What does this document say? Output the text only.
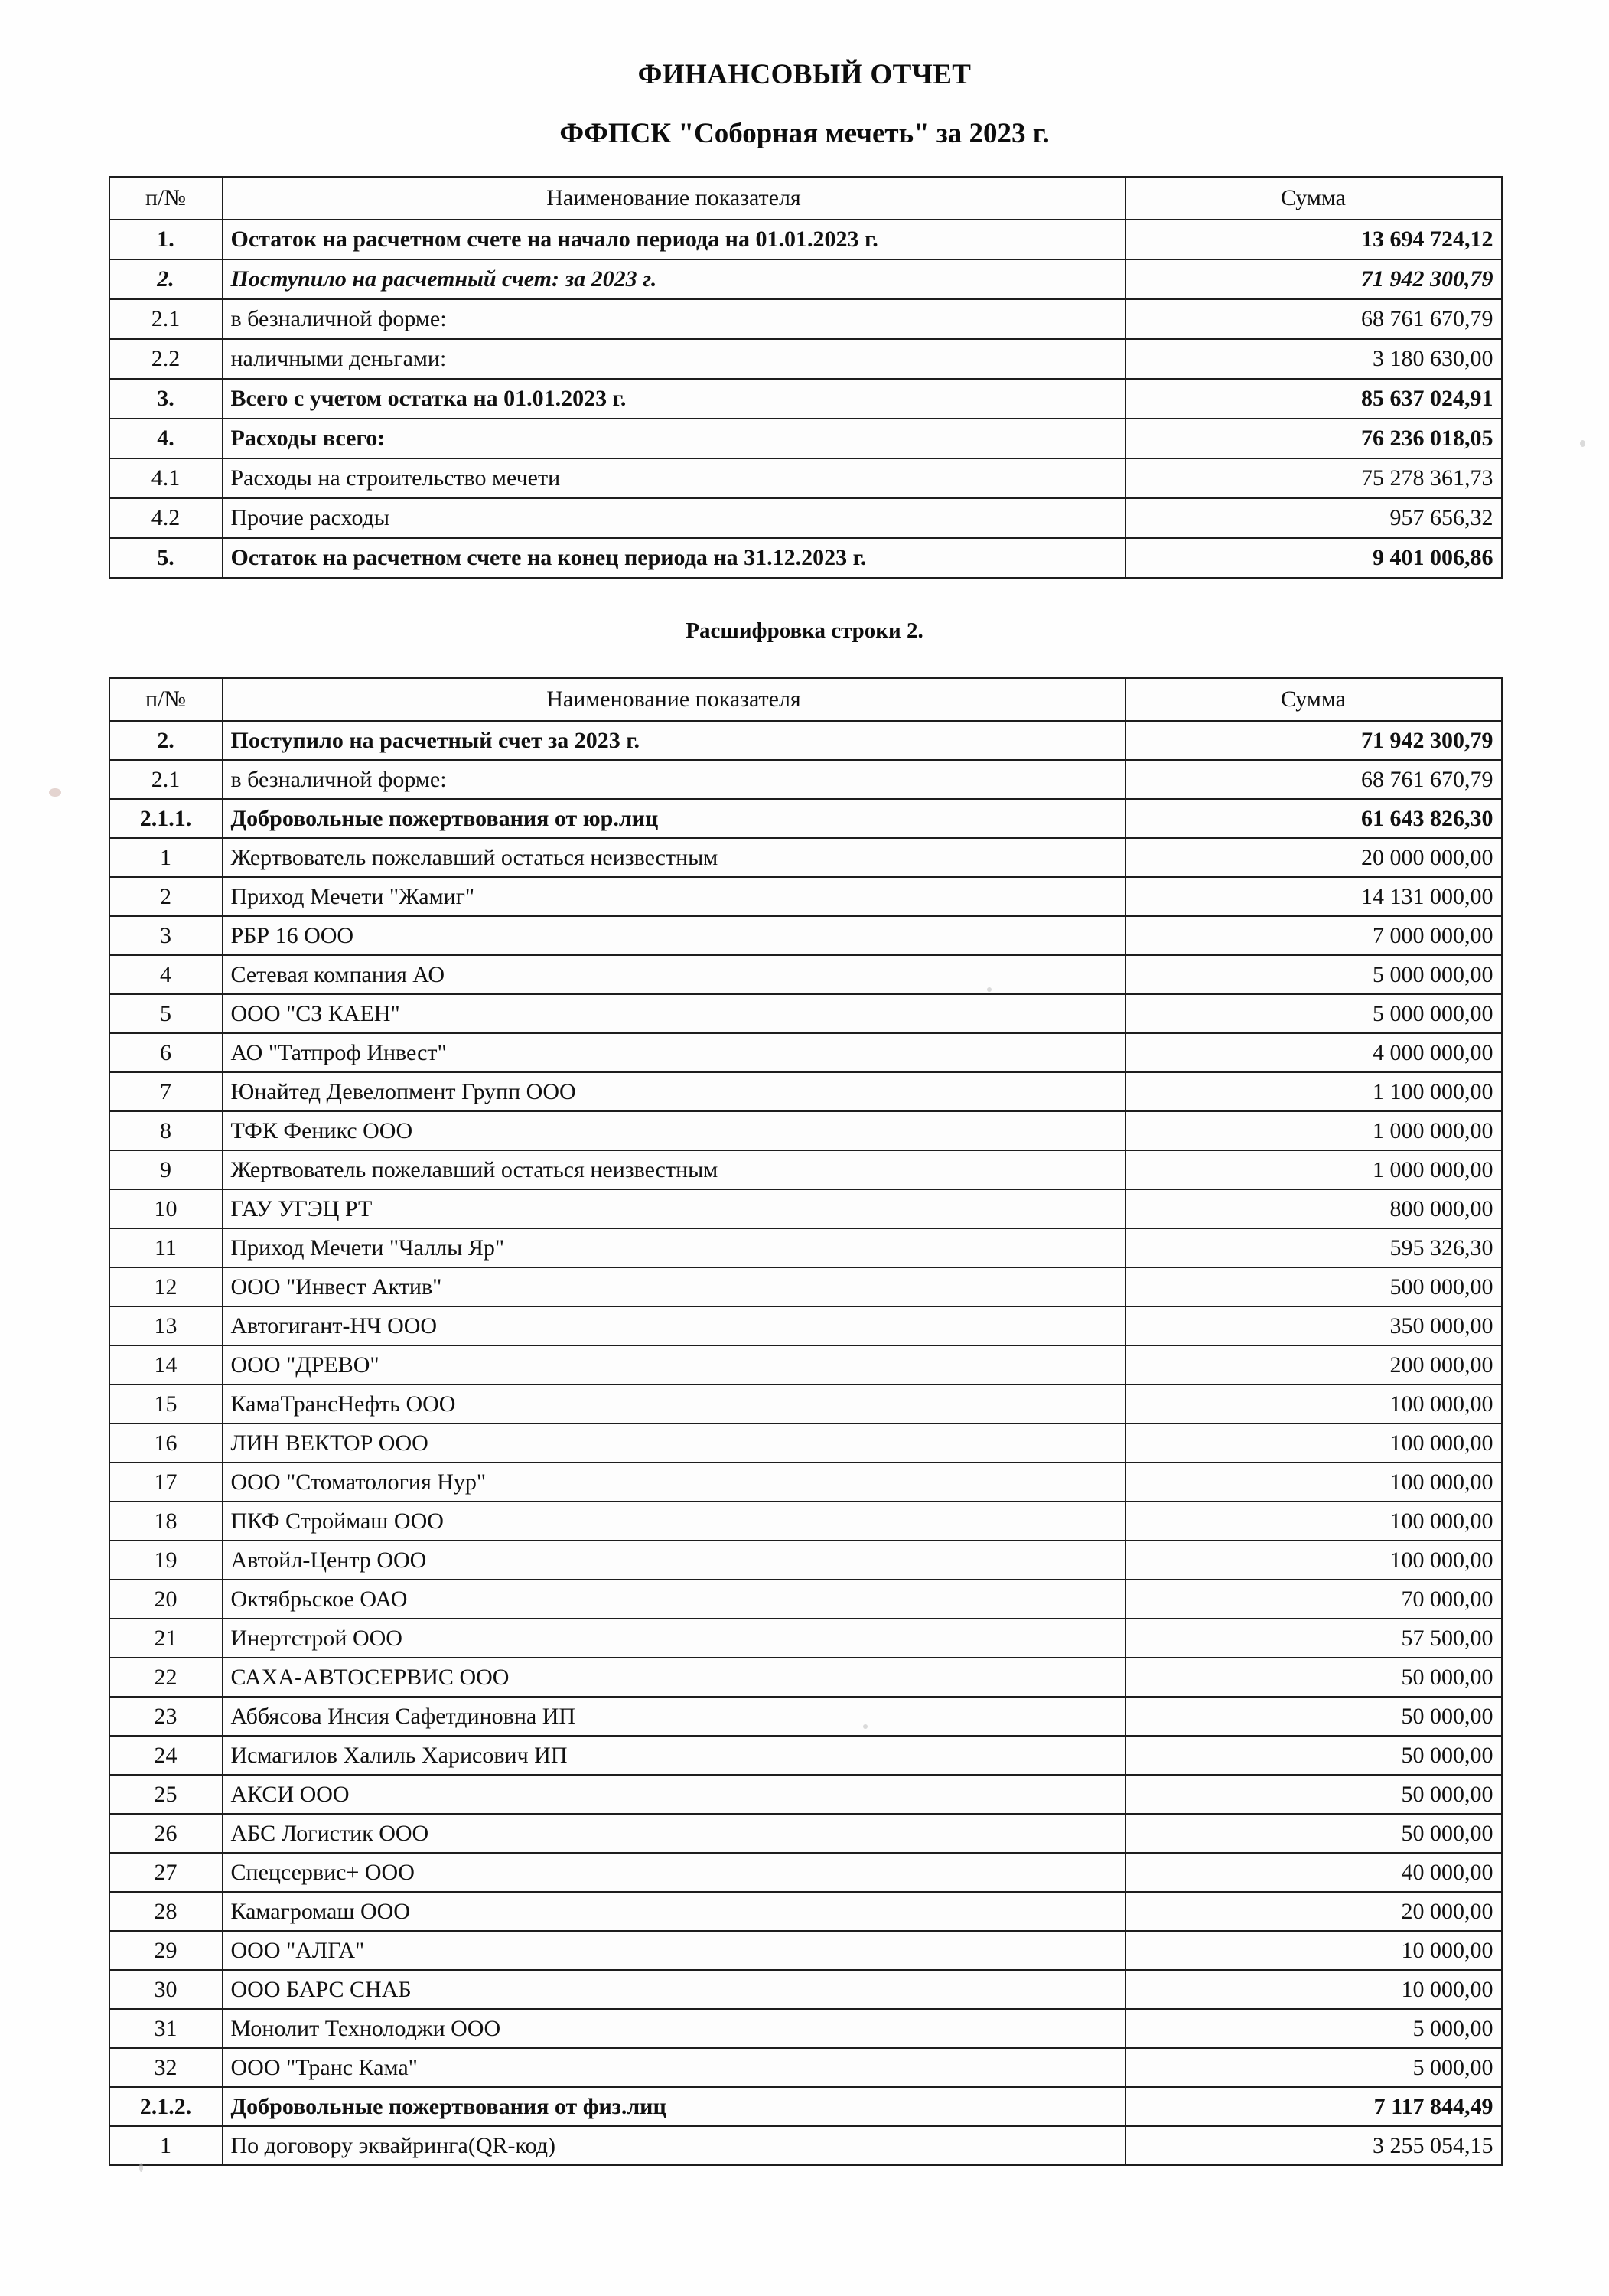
ФИНАНСОВЫЙ ОТЧЕТ
ФФПСК "Соборная мечеть" за 2023 г.
п/№	Наименование показателя	Сумма
1.	Остаток на расчетном счете на начало периода на 01.01.2023 г.	13 694 724,12
2.	Поступило на расчетный счет: за 2023 г.	71 942 300,79
2.1	в безналичной форме:	68 761 670,79
2.2	наличными деньгами:	3 180 630,00
3.	Всего с учетом остатка на 01.01.2023 г.	85 637 024,91
4.	Расходы всего:	76 236 018,05
4.1	Расходы на строительство мечети	75 278 361,73
4.2	Прочие расходы	957 656,32
5.	Остаток на расчетном счете на конец периода на 31.12.2023 г.	9 401 006,86
Расшифровка строки 2.
п/№	Наименование показателя	Сумма
2.	Поступило на расчетный счет за 2023 г.	71 942 300,79
2.1	в безналичной форме:	68 761 670,79
2.1.1.	Добровольные пожертвования от юр.лиц	61 643 826,30
1	Жертвователь пожелавший остаться неизвестным	20 000 000,00
2	Приход Мечети "Жамиг"	14 131 000,00
3	РБР 16 ООО	7 000 000,00
4	Сетевая компания АО	5 000 000,00
5	ООО "СЗ КАЕН"	5 000 000,00
6	АО "Татпроф Инвест"	4 000 000,00
7	Юнайтед Девелопмент Групп ООО	1 100 000,00
8	ТФК Феникс ООО	1 000 000,00
9	Жертвователь пожелавший остаться неизвестным	1 000 000,00
10	ГАУ УГЭЦ РТ	800 000,00
11	Приход Мечети "Чаллы Яр"	595 326,30
12	ООО "Инвест Актив"	500 000,00
13	Автогигант-НЧ ООО	350 000,00
14	ООО "ДРЕВО"	200 000,00
15	КамаТрансНефть ООО	100 000,00
16	ЛИН ВЕКТОР ООО	100 000,00
17	ООО "Стоматология Нур"	100 000,00
18	ПКФ Строймаш ООО	100 000,00
19	Автойл-Центр ООО	100 000,00
20	Октябрьское ОАО	70 000,00
21	Инертстрой ООО	57 500,00
22	САХА-АВТОСЕРВИС ООО	50 000,00
23	Аббясова Инсия Сафетдиновна ИП	50 000,00
24	Исмагилов Халиль Харисович ИП	50 000,00
25	АКСИ ООО	50 000,00
26	АБС Логистик ООО	50 000,00
27	Спецсервис+ ООО	40 000,00
28	Камагромаш ООО	20 000,00
29	ООО "АЛГА"	10 000,00
30	ООО БАРС СНАБ	10 000,00
31	Монолит Технолоджи ООО	5 000,00
32	ООО "Транс Кама"	5 000,00
2.1.2.	Добровольные пожертвования от физ.лиц	7 117 844,49
1	По договору эквайринга(QR-код)	3 255 054,15
